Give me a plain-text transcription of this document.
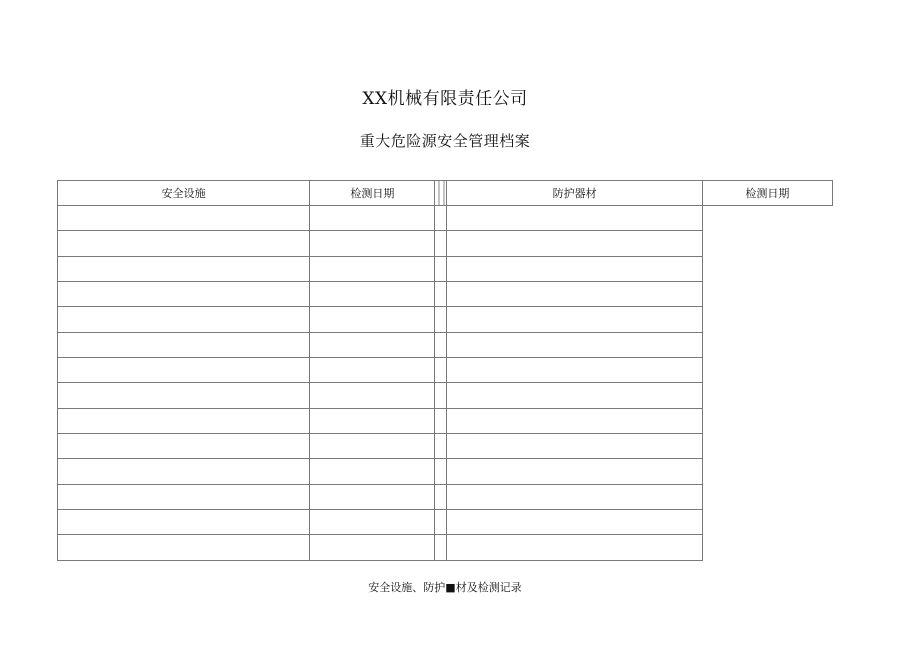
XX机械有限责任公司
重大危险源安全管理档案
安全设施	检测日期		防护器材	检测日期

安全设施、防护■材及检测记录
